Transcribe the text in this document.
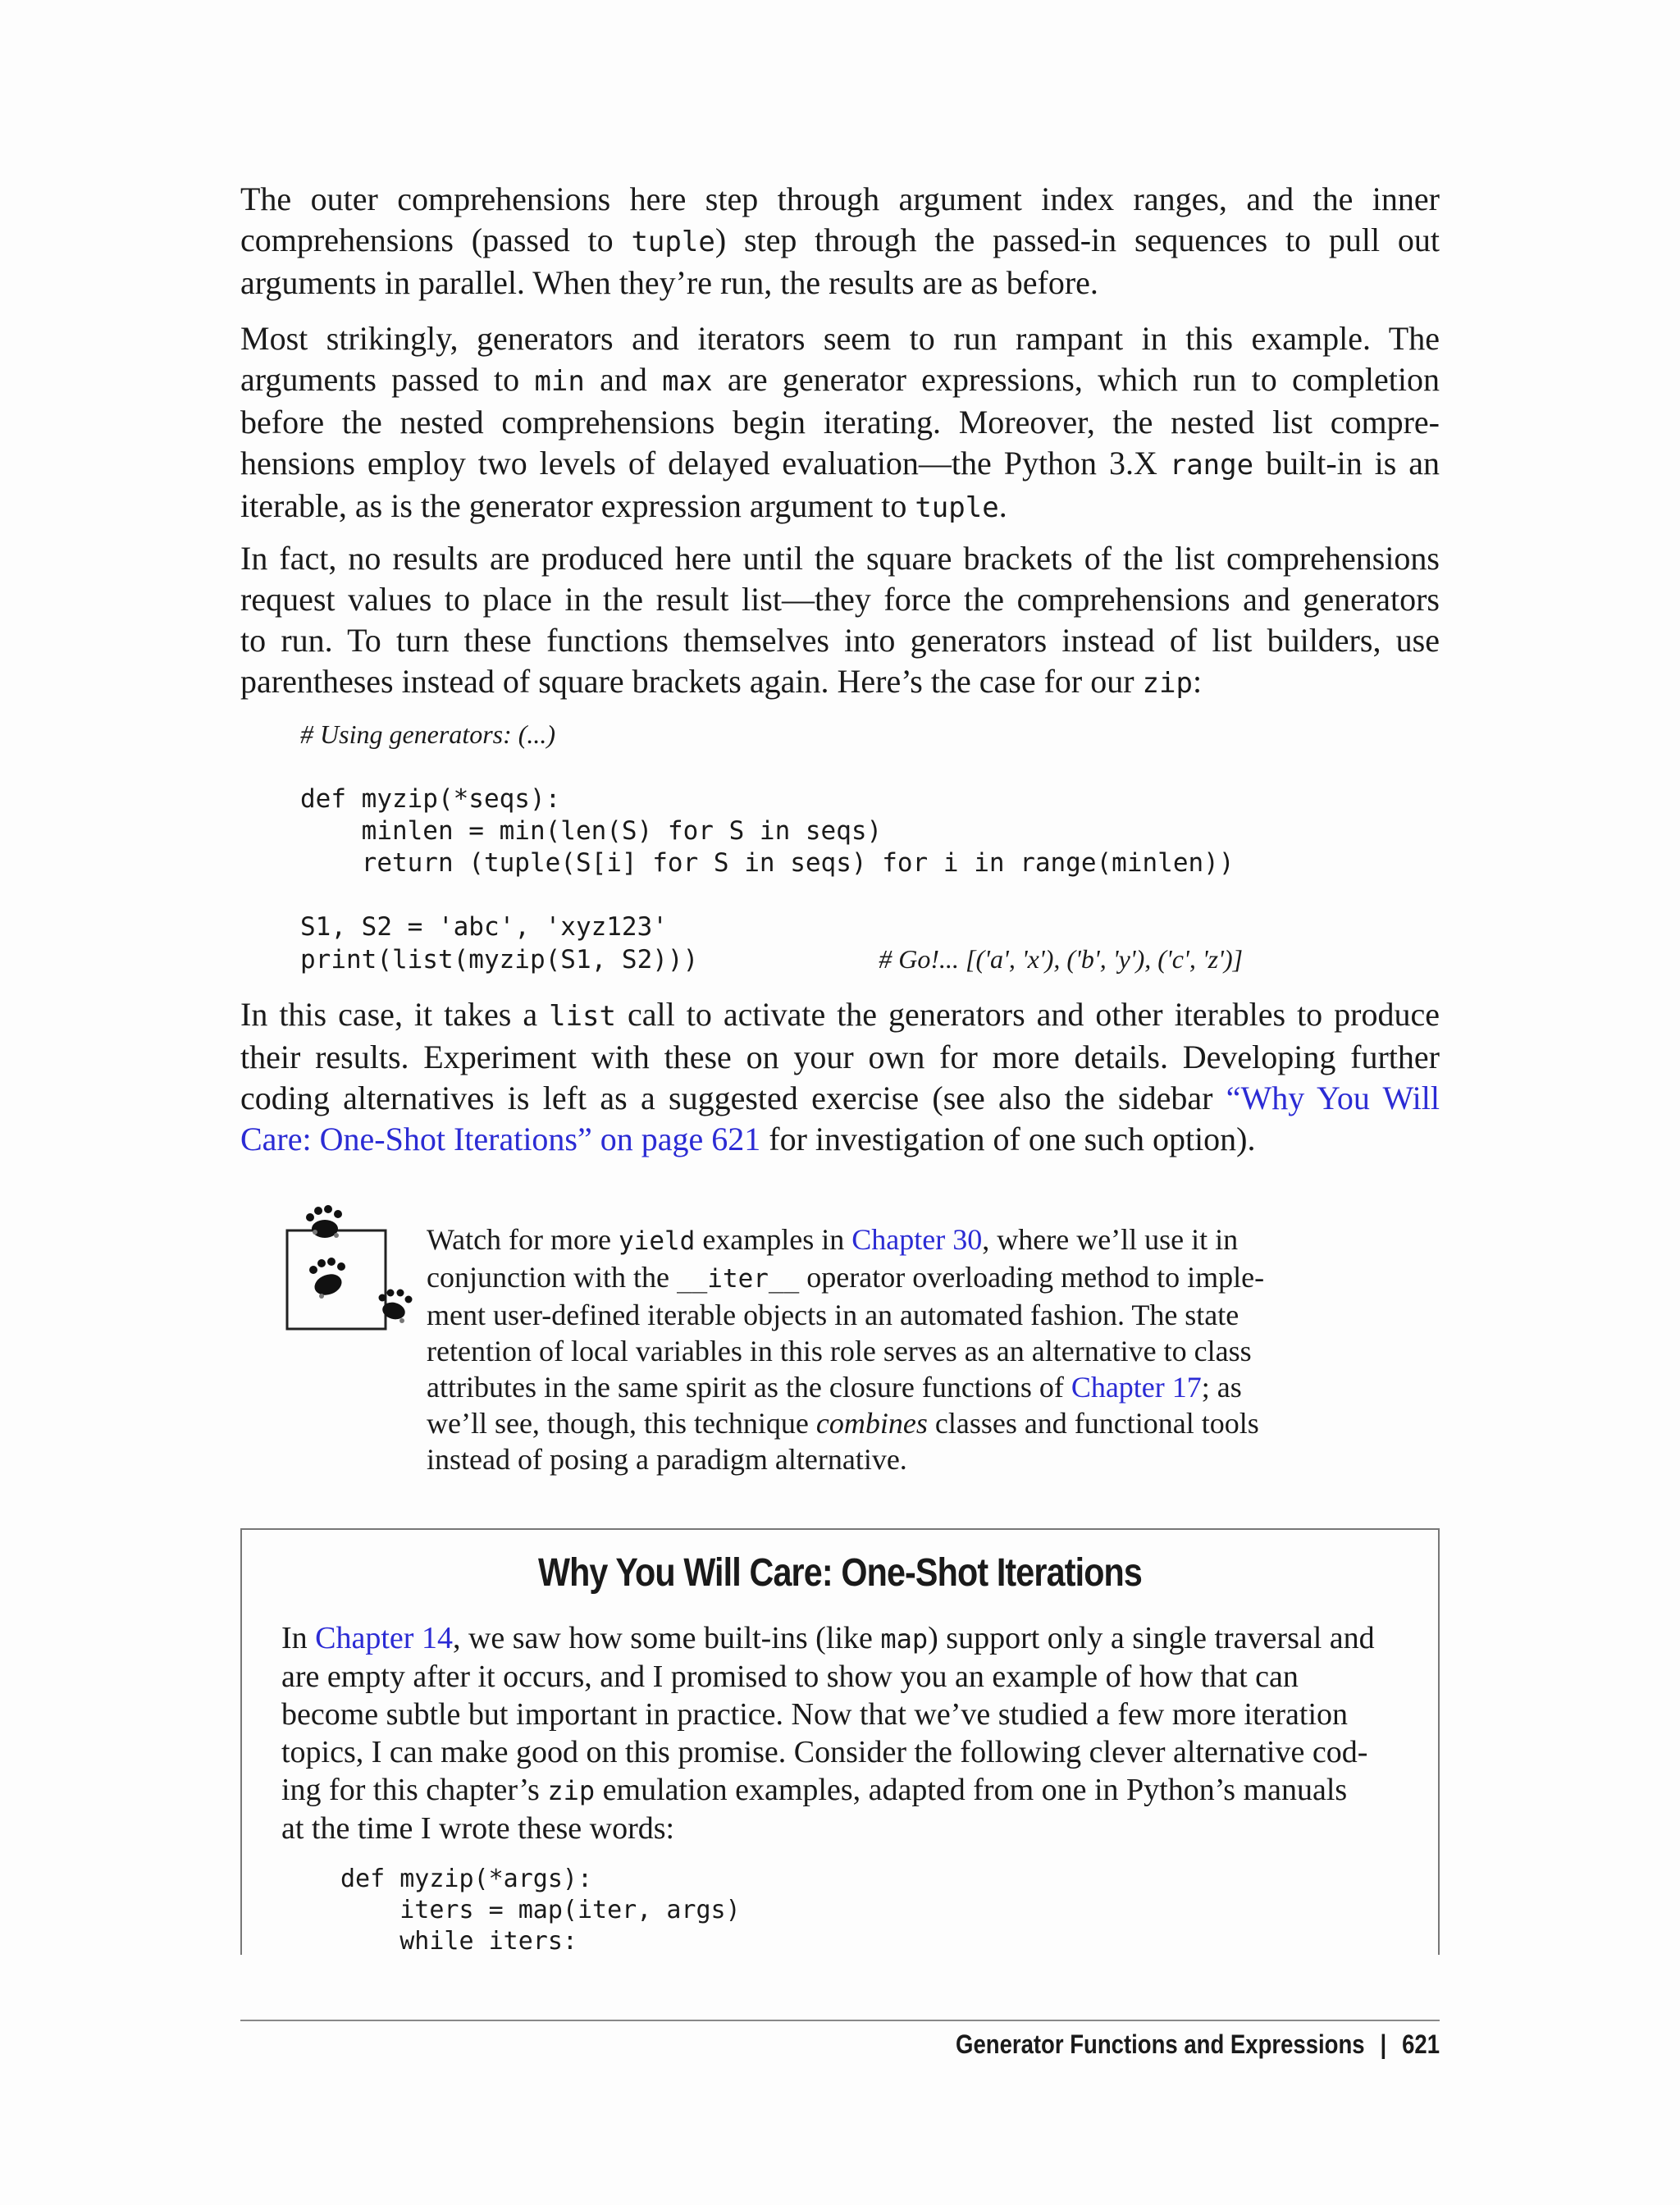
The outer comprehensions here step through argument index ranges, and the inner
comprehensions (passed to tuple) step through the passed-in sequences to pull out
arguments in parallel. When they’re run, the results are as before.

Most strikingly, generators and iterators seem to run rampant in this example. The
arguments passed to min and max are generator expressions, which run to completion
before the nested comprehensions begin iterating. Moreover, the nested list compre-
hensions employ two levels of delayed evaluation—the Python 3.X range built-in is an
iterable, as is the generator expression argument to tuple.

In fact, no results are produced here until the square brackets of the list comprehensions
request values to place in the result list—they force the comprehensions and generators
to run. To turn these functions themselves into generators instead of list builders, use
parentheses instead of square brackets again. Here’s the case for our zip:

# Using generators: (...)

def myzip(*seqs):
minlen = min(len(S) for S in seqs)
return (tuple(S[i] for S in seqs) for i in range(minlen))

S1, S2 = 'abc', 'xyz123'
print(list(myzip(S1, S2)))	# Go!... [('a', 'x'), ('b', 'y'), ('c', 'z')]

In this case, it takes a list call to activate the generators and other iterables to produce
their results. Experiment with these on your own for more details. Developing further
coding alternatives is left as a suggested exercise (see also the sidebar “Why You Will
Care: One-Shot Iterations” on page 621 for investigation of one such option).

Watch for more yield examples in Chapter 30, where we’ll use it in
conjunction with the __iter__ operator overloading method to imple-
ment user-defined iterable objects in an automated fashion. The state
retention of local variables in this role serves as an alternative to class
attributes in the same spirit as the closure functions of Chapter 17; as
we’ll see, though, this technique combines classes and functional tools
instead of posing a paradigm alternative.

Why You Will Care: One-Shot Iterations

In Chapter 14, we saw how some built-ins (like map) support only a single traversal and
are empty after it occurs, and I promised to show you an example of how that can
become subtle but important in practice. Now that we’ve studied a few more iteration
topics, I can make good on this promise. Consider the following clever alternative cod-
ing for this chapter’s zip emulation examples, adapted from one in Python’s manuals
at the time I wrote these words:

def myzip(*args):
iters = map(iter, args)
while iters:

Generator Functions and Expressions | 621
